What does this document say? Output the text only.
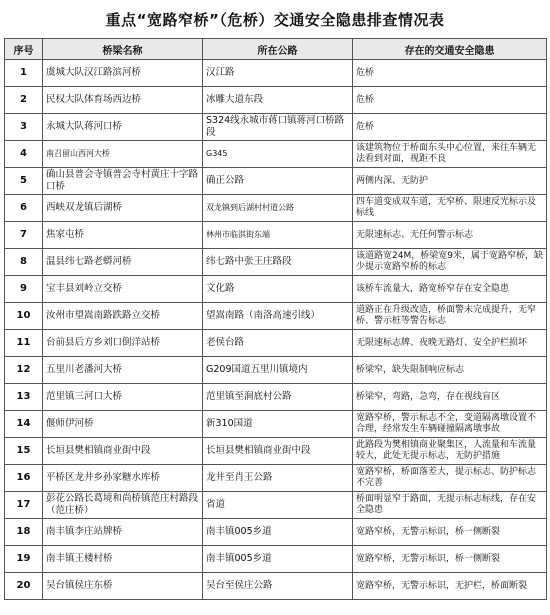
重点“宽路窄桥”（危桥）交通安全隐患排查情况表
序号	桥梁名称	所在公路	存在的交通安全隐患
1	虞城大队汉江路滨河桥	汉江路	危桥
2	民权大队体育场西边桥	冰雕大道东段	危桥
3	永城大队蒋河口桥	S324线永城市蒋口镇蒋河口桥路段	危桥
4	南召留山西河大桥	G345	该建筑物位于桥面东头中心位置，来往车辆无法看到对面，视距不良
5	确山县普会寺镇普会寺村黄庄十字路口桥	确正公路	两侧内深、无防护
6	西峡双龙镇后湖桥	双龙镇到后湖村村道公路	四车道变成双车道，无窄桥、限速反光标示及标线
7	焦家屯桥	林州市临淇街东端	无限速标志、无任何警示标志
8	温县纬七路老蟒河桥	纬七路中张王庄路段	该道路宽24M，桥梁宽9米，属于宽路窄桥，缺少提示宽路窄桥的标志
9	宝丰县刘岭立交桥	文化路	该桥车流量大，路宽桥窄存在安全隐患
10	汝州市望嵩南路跌路立交桥	望嵩南路（南洛高速引线）	道路正在升级改造，桥面警未完成提升，无窄桥、警示桩等警告标志
11	台前县后方乡刘口倒洋站桥	老侯台路	无限速标志牌、夜晚无路灯、安全护栏损坏
12	五里川老潘河大桥	G209国道五里川镇境内	桥梁窄，缺失限制响应标志
13	范里镇三河口大桥	范里镇至涧底村公路	桥梁窄，弯路，急弯，存在视线盲区
14	偃师伊河桥	新310国道	宽路窄桥，警示标志不全，变道隔离墩设置不合理，经常发生车辆碰撞隔离墩事故
15	长垣县樊相镇商业街中段	长垣县樊相镇商业街中段	此路段为樊相镇商业聚集区，人流量和车流量较大，此处无提示标志，无防护措施
16	平桥区龙井乡孙家糖水库桥	龙井至肖王公路	宽路窄桥，桥面落差大，提示标志、防护标志不完善
17	彭花公路长葛境和尚桥镇范庄村路段（范庄桥）	省道	桥面明显窄于路面，无提示标志标线，存在安全隐患
18	南丰镇李庄站牌桥	南丰镇005乡道	宽路窄桥，无警示标识，桥一侧断裂
19	南丰镇王楼村桥	南丰镇005乡道	宽路窄桥，无警示标识，桥一侧断裂
20	吴台镇侯庄东桥	吴台至侯庄公路	宽路窄桥，无警示标识，无护栏，桥面断裂
